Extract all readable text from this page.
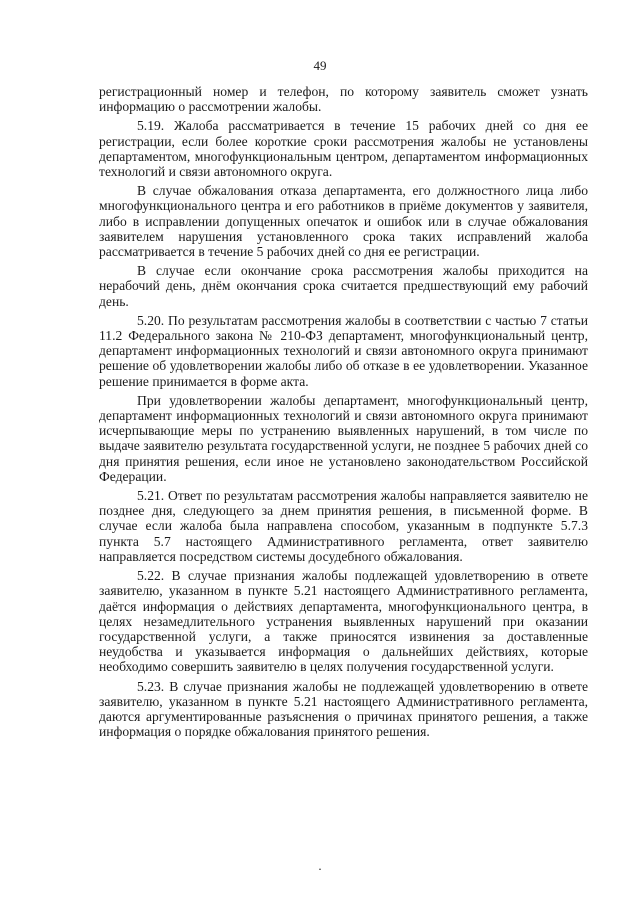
49

регистрационный номер и телефон, по которому заявитель сможет узнать информацию о рассмотрении жалобы.

5.19. Жалоба рассматривается в течение 15 рабочих дней со дня ее регистрации, если более короткие сроки рассмотрения жалобы не установлены департаментом, многофункциональным центром, департаментом информационных технологий и связи автономного округа.

В случае обжалования отказа департамента, его должностного лица либо многофункционального центра и его работников в приёме документов у заявителя, либо в исправлении допущенных опечаток и ошибок или в случае обжалования заявителем нарушения установленного срока таких исправлений жалоба рассматривается в течение 5 рабочих дней со дня ее регистрации.

В случае если окончание срока рассмотрения жалобы приходится на нерабочий день, днём окончания срока считается предшествующий ему рабочий день.

5.20. По результатам рассмотрения жалобы в соответствии с частью 7 статьи 11.2 Федерального закона № 210-ФЗ департамент, многофункциональный центр, департамент информационных технологий и связи автономного округа принимают решение об удовлетворении жалобы либо об отказе в ее удовлетворении. Указанное решение принимается в форме акта.

При удовлетворении жалобы департамент, многофункциональный центр, департамент информационных технологий и связи автономного округа принимают исчерпывающие меры по устранению выявленных нарушений, в том числе по выдаче заявителю результата государственной услуги, не позднее 5 рабочих дней со дня принятия решения, если иное не установлено законодательством Российской Федерации.

5.21. Ответ по результатам рассмотрения жалобы направляется заявителю не позднее дня, следующего за днем принятия решения, в письменной форме. В случае если жалоба была направлена способом, указанным в подпункте 5.7.3 пункта 5.7 настоящего Административного регламента, ответ заявителю направляется посредством системы досудебного обжалования.

5.22. В случае признания жалобы подлежащей удовлетворению в ответе заявителю, указанном в пункте 5.21 настоящего Административного регламента, даётся информация о действиях департамента, многофункционального центра, в целях незамедлительного устранения выявленных нарушений при оказании государственной услуги, а также приносятся извинения за доставленные неудобства и указывается информация о дальнейших действиях, которые необходимо совершить заявителю в целях получения государственной услуги.

5.23. В случае признания жалобы не подлежащей удовлетворению в ответе заявителю, указанном в пункте 5.21 настоящего Административного регламента, даются аргументированные разъяснения о причинах принятого решения, а также информация о порядке обжалования принятого решения.

.
